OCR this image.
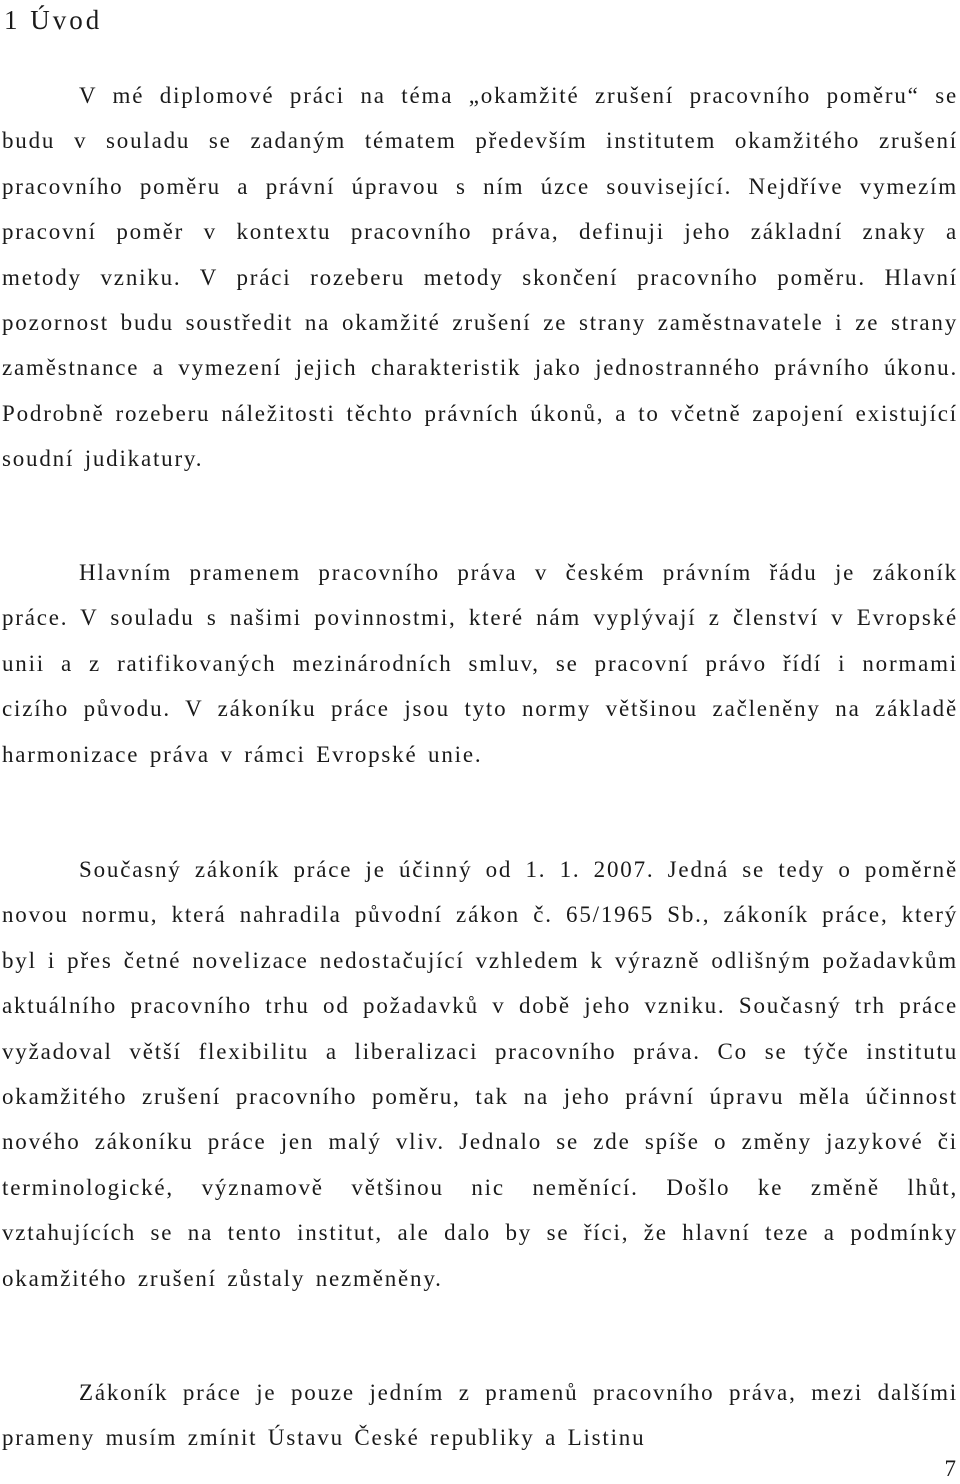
1 Úvod

V mé diplomové práci na téma „okamžité zrušení pracovního poměru“ se budu v souladu se zadaným tématem především institutem okamžitého zrušení pracovního poměru a právní úpravou s ním úzce související. Nejdříve vymezím pracovní poměr v kontextu pracovního práva, definuji jeho základní znaky a metody vzniku. V práci rozeberu metody skončení pracovního poměru. Hlavní pozornost budu soustředit na okamžité zrušení ze strany zaměstnavatele i ze strany zaměstnance a vymezení jejich charakteristik jako jednostranného právního úkonu. Podrobně rozeberu náležitosti těchto právních úkonů, a to včetně zapojení existující soudní judikatury.

Hlavním pramenem pracovního práva v českém právním řádu je zákoník práce. V souladu s našimi povinnostmi, které nám vyplývají z členství v Evropské unii a z ratifikovaných mezinárodních smluv, se pracovní právo řídí i normami cizího původu. V zákoníku práce jsou tyto normy většinou začleněny na základě harmonizace práva v rámci Evropské unie.

Současný zákoník práce je účinný od 1. 1. 2007. Jedná se tedy o poměrně novou normu, která nahradila původní zákon č. 65/1965 Sb., zákoník práce, který byl i přes četné novelizace nedostačující vzhledem k výrazně odlišným požadavkům aktuálního pracovního trhu od požadavků v době jeho vzniku. Současný trh práce vyžadoval větší flexibilitu a liberalizaci pracovního práva. Co se týče institutu okamžitého zrušení pracovního poměru, tak na jeho právní úpravu měla účinnost nového zákoníku práce jen malý vliv. Jednalo se zde spíše o změny jazykové či terminologické, významově většinou nic neměnící. Došlo ke změně lhůt, vztahujících se na tento institut, ale dalo by se říci, že hlavní teze a podmínky okamžitého zrušení zůstaly nezměněny.

Zákoník práce je pouze jedním z pramenů pracovního práva, mezi dalšími prameny musím zmínit Ústavu České republiky a Listinu

7
